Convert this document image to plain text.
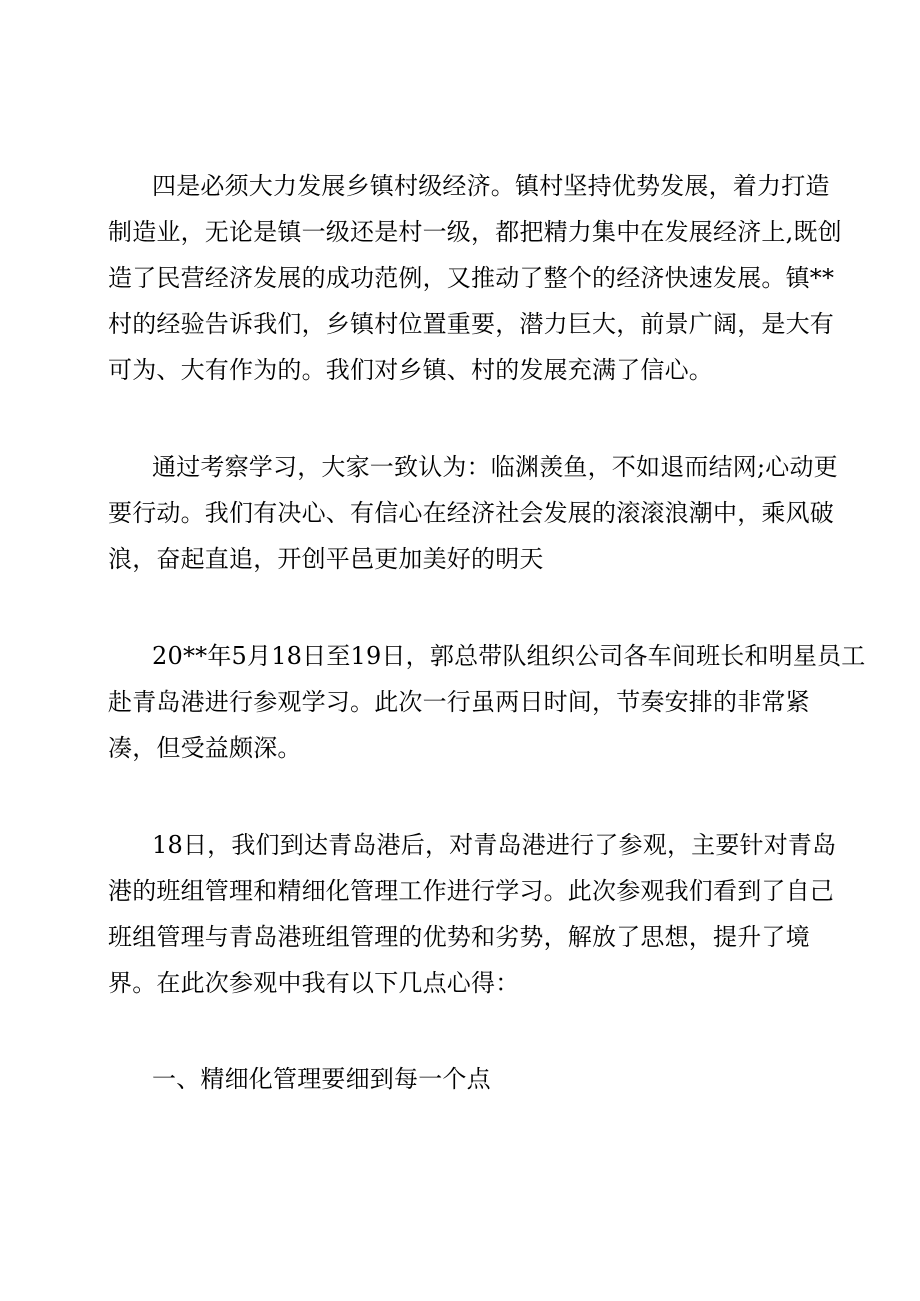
四是必须大力发展乡镇村级经济。镇村坚持优势发展，着力打造
制造业，无论是镇一级还是村一级，都把精力集中在发展经济上,既创
造了民营经济发展的成功范例，又推动了整个的经济快速发展。镇**
村的经验告诉我们，乡镇村位置重要，潜力巨大，前景广阔，是大有
可为、大有作为的。我们对乡镇、村的发展充满了信心。
通过考察学习，大家一致认为：临渊羡鱼，不如退而结网;心动更
要行动。我们有决心、有信心在经济社会发展的滚滚浪潮中，乘风破
浪，奋起直追，开创平邑更加美好的明天
20**年5月18日至19日，郭总带队组织公司各车间班长和明星员工
赴青岛港进行参观学习。此次一行虽两日时间，节奏安排的非常紧
凑，但受益颇深。
18日，我们到达青岛港后，对青岛港进行了参观，主要针对青岛
港的班组管理和精细化管理工作进行学习。此次参观我们看到了自己
班组管理与青岛港班组管理的优势和劣势，解放了思想，提升了境
界。在此次参观中我有以下几点心得：
一、精细化管理要细到每一个点
